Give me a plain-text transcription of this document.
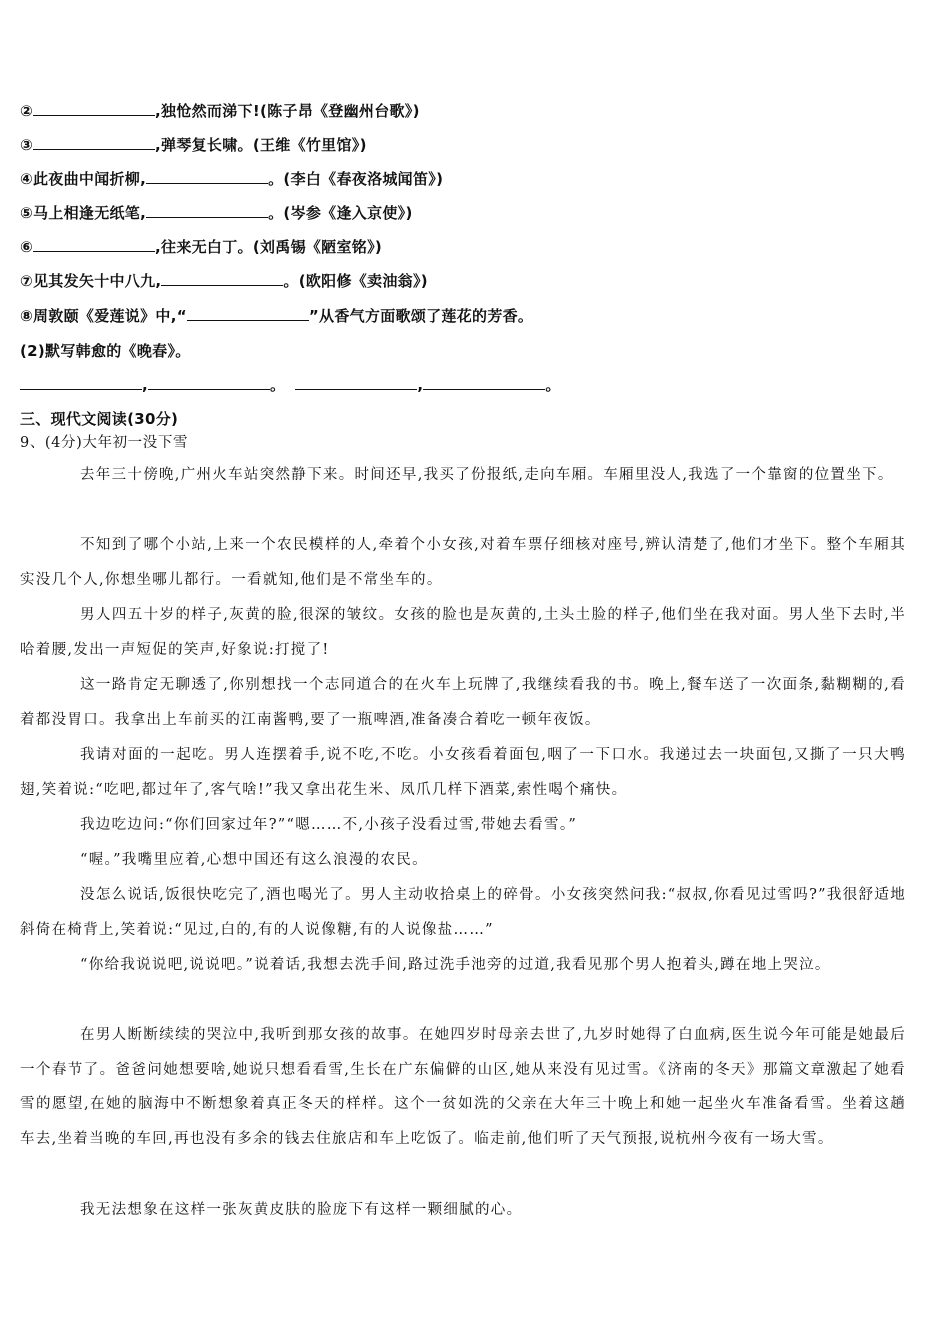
②	,独怆然而涕下!(陈子昂《登幽州台歌》)
③	,弹琴复长啸。(王维《竹里馆》)
④此夜曲中闻折柳,	。(李白《春夜洛城闻笛》)
⑤马上相逢无纸笔,	。(岑参《逢入京使》)
⑥	,往来无白丁。(刘禹锡《陋室铭》)
⑦见其发矢十中八九,	。(欧阳修《卖油翁》)
⑧周敦颐《爱莲说》中,“	”从香气方面歌颂了莲花的芳香。
(2)默写韩愈的《晚春》。
,	。	,	。
三、现代文阅读(30分)
9、(4分)大年初一没下雪
去年三十傍晚,广州火车站突然静下来。时间还早,我买了份报纸,走向车厢。车厢里没人,我选了一个靠窗的位置坐下。
不知到了哪个小站,上来一个农民模样的人,牵着个小女孩,对着车票仔细核对座号,辨认清楚了,他们才坐下。整个车厢其实没几个人,你想坐哪儿都行。一看就知,他们是不常坐车的。
男人四五十岁的样子,灰黄的脸,很深的皱纹。女孩的脸也是灰黄的,土头土脸的样子,他们坐在我对面。男人坐下去时,半哈着腰,发出一声短促的笑声,好象说:打搅了!
这一路肯定无聊透了,你别想找一个志同道合的在火车上玩牌了,我继续看我的书。晚上,餐车送了一次面条,黏糊糊的,看着都没胃口。我拿出上车前买的江南酱鸭,要了一瓶啤酒,准备凑合着吃一顿年夜饭。
我请对面的一起吃。男人连摆着手,说不吃,不吃。小女孩看着面包,咽了一下口水。我递过去一块面包,又撕了一只大鸭翅,笑着说:“吃吧,都过年了,客气啥!”我又拿出花生米、凤爪几样下酒菜,索性喝个痛快。
我边吃边问:“你们回家过年?”“嗯……不,小孩子没看过雪,带她去看雪。”
“喔。”我嘴里应着,心想中国还有这么浪漫的农民。
没怎么说话,饭很快吃完了,酒也喝光了。男人主动收拾桌上的碎骨。小女孩突然问我:“叔叔,你看见过雪吗?”我很舒适地斜倚在椅背上,笑着说:“见过,白的,有的人说像糖,有的人说像盐……”
“你给我说说吧,说说吧。”说着话,我想去洗手间,路过洗手池旁的过道,我看见那个男人抱着头,蹲在地上哭泣。
在男人断断续续的哭泣中,我听到那女孩的故事。在她四岁时母亲去世了,九岁时她得了白血病,医生说今年可能是她最后一个春节了。爸爸问她想要啥,她说只想看看雪,生长在广东偏僻的山区,她从来没有见过雪。《济南的冬天》那篇文章激起了她看雪的愿望,在她的脑海中不断想象着真正冬天的样样。这个一贫如洗的父亲在大年三十晚上和她一起坐火车准备看雪。坐着这趟车去,坐着当晚的车回,再也没有多余的钱去住旅店和车上吃饭了。临走前,他们听了天气预报,说杭州今夜有一场大雪。
我无法想象在这样一张灰黄皮肤的脸庞下有这样一颗细腻的心。
